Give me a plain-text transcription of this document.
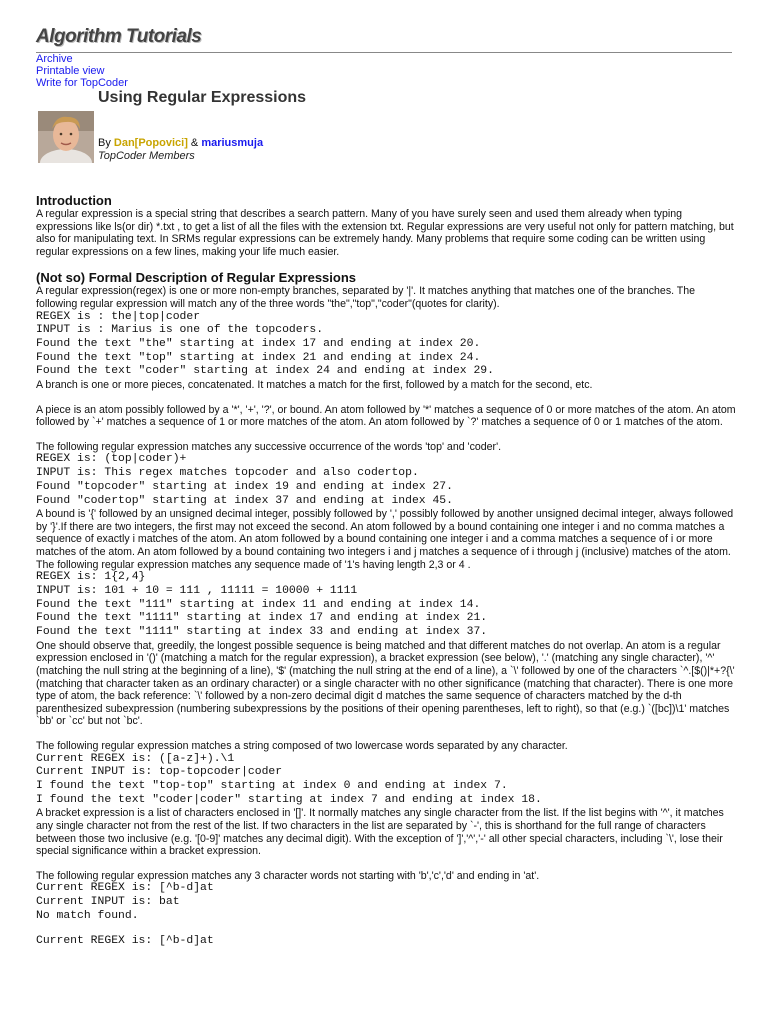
Algorithm Tutorials
Archive
Printable view
Write for TopCoder
Using Regular Expressions
By Dan[Popovici] & mariusmuja
TopCoder Members
Introduction

A regular expression is a special string that describes a search pattern. Many of you have surely seen and used them already when typing expressions like ls(or dir) *.txt , to get a list of all the files with the extension txt. Regular expressions are very useful not only for pattern matching, but also for manipulating text. In SRMs regular expressions can be extremely handy. Many problems that require some coding can be written using regular expressions on a few lines, making your life much easier.

(Not so) Formal Description of Regular Expressions

A regular expression(regex) is one or more non-empty branches, separated by '|'. It matches anything that matches one of the branches. The following regular expression will match any of the three words "the","top","coder"(quotes for clarity).

REGEX is : the|top|coder
INPUT is : Marius is one of the topcoders.
Found the text "the" starting at index 17 and ending at index 20.
Found the text "top" starting at index 21 and ending at index 24.
Found the text "coder" starting at index 24 and ending at index 29.

A branch is one or more pieces, concatenated. It matches a match for the first, followed by a match for the second, etc.

A piece is an atom possibly followed by a '*', '+', '?', or bound. An atom followed by '*' matches a sequence of 0 or more matches of the atom. An atom followed by `+' matches a sequence of 1 or more matches of the atom. An atom followed by `?' matches a sequence of 0 or 1 matches of the atom.

The following regular expression matches any successive occurrence of the words 'top' and 'coder'.

REGEX is: (top|coder)+
INPUT is: This regex matches topcoder and also codertop.
Found "topcoder" starting at index 19 and ending at index 27.
Found "codertop" starting at index 37 and ending at index 45.

A bound is '{' followed by an unsigned decimal integer, possibly followed by ',' possibly followed by another unsigned decimal integer, always followed by '}'.If there are two integers, the first may not exceed the second. An atom followed by a bound containing one integer i and no comma matches a sequence of exactly i matches of the atom. An atom followed by a bound containing one integer i and a comma matches a sequence of i or more matches of the atom. An atom followed by a bound containing two integers i and j matches a sequence of i through j (inclusive) matches of the atom. The following regular expression matches any sequence made of '1's having length 2,3 or 4 .

REGEX is: 1{2,4}
INPUT is: 101 + 10 = 111 , 11111 = 10000 + 1111
Found the text "111" starting at index 11 and ending at index 14.
Found the text "1111" starting at index 17 and ending at index 21.
Found the text "1111" starting at index 33 and ending at index 37.

One should observe that, greedily, the longest possible sequence is being matched and that different matches do not overlap. An atom is a regular expression enclosed in '()' (matching a match for the regular expression), a bracket expression (see below), '.' (matching any single character), '^' (matching the null string at the beginning of a line), '$' (matching the null string at the end of a line), a `\' followed by one of the characters `^.[$()|*+?{\' (matching that character taken as an ordinary character) or a single character with no other significance (matching that character). There is one more type of atom, the back reference: `\' followed by a non-zero decimal digit d matches the same sequence of characters matched by the d-th parenthesized subexpression (numbering subexpressions by the positions of their opening parentheses, left to right), so that (e.g.) `([bc])\1' matches `bb' or `cc' but not `bc'.

The following regular expression matches a string composed of two lowercase words separated by any character.

Current REGEX is: ([a-z]+).\1
Current INPUT is: top-topcoder|coder
I found the text "top-top" starting at index 0 and ending at index 7.
I found the text "coder|coder" starting at index 7 and ending at index 18.

A bracket expression is a list of characters enclosed in '[]'. It normally matches any single character from the list. If the list begins with '^', it matches any single character not from the rest of the list. If two characters in the list are separated by `-', this is shorthand for the full range of characters between those two inclusive (e.g. '[0-9]' matches any decimal digit). With the exception of ']','^','-' all other special characters, including `\', lose their special significance within a bracket expression.

The following regular expression matches any 3 character words not starting with 'b','c','d' and ending in 'at'.

Current REGEX is: [^b-d]at
Current INPUT is: bat
No match found.
Current REGEX is: [^b-d]at
